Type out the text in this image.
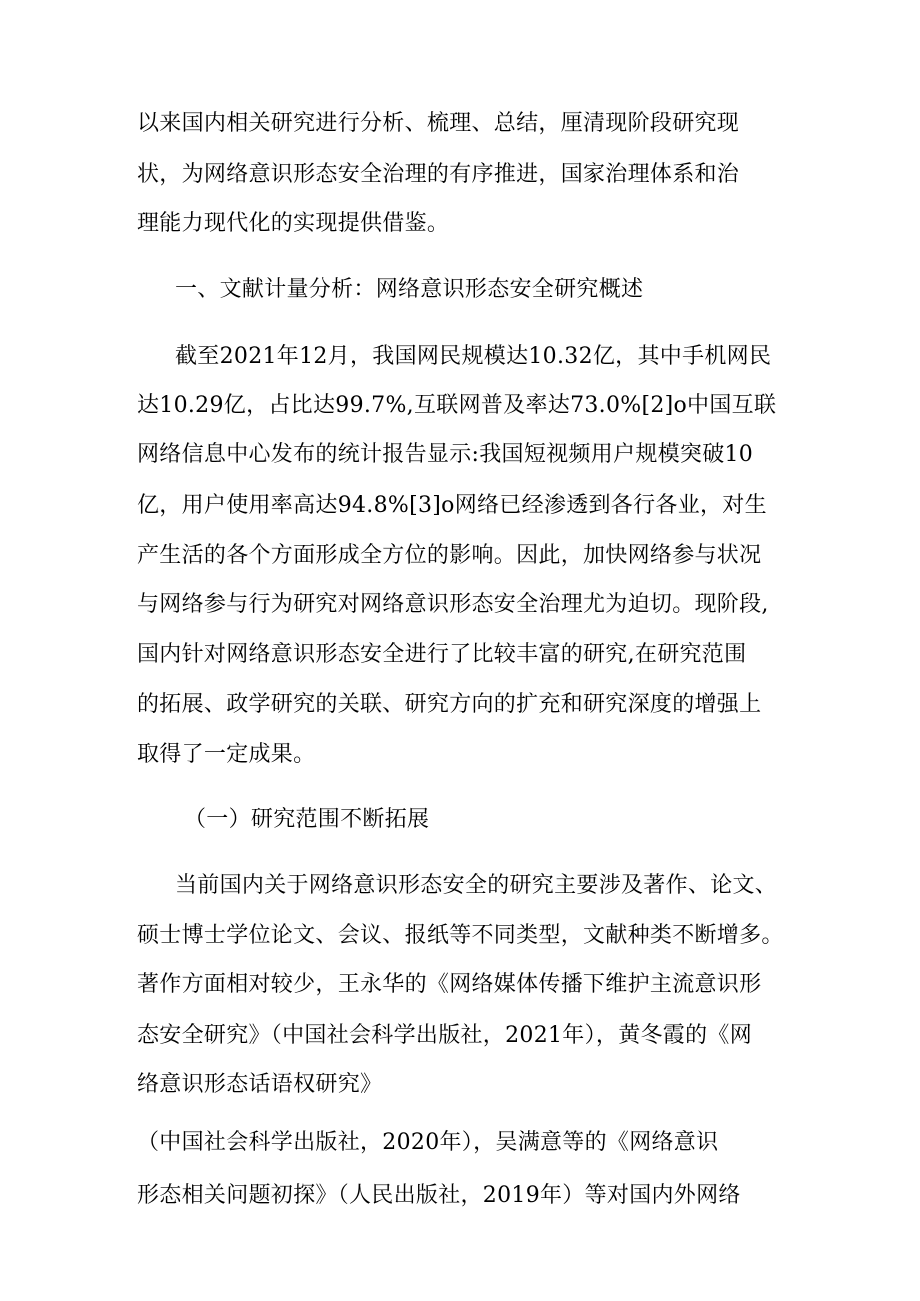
以来国内相关研究进行分析、梳理、总结，厘清现阶段研究现
状，为网络意识形态安全治理的有序推进，国家治理体系和治
理能力现代化的实现提供借鉴。
一、文献计量分析：网络意识形态安全研究概述
截至2021年12月，我国网民规模达10.32亿，其中手机网民
达10.29亿，占比达99.7%,互联网普及率达73.0%[2]o中国互联
网络信息中心发布的统计报告显示:我国短视频用户规模突破10
亿，用户使用率高达94.8%[3]o网络已经渗透到各行各业，对生
产生活的各个方面形成全方位的影响。因此，加快网络参与状况
与网络参与行为研究对网络意识形态安全治理尤为迫切。现阶段,
国内针对网络意识形态安全进行了比较丰富的研究,在研究范围
的拓展、政学研究的关联、研究方向的扩充和研究深度的增强上
取得了一定成果。
（一）研究范围不断拓展
当前国内关于网络意识形态安全的研究主要涉及著作、论文、
硕士博士学位论文、会议、报纸等不同类型，文献种类不断增多。
著作方面相对较少，王永华的《网络媒体传播下维护主流意识形
态安全研究》（中国社会科学出版社，2021年），黄冬霞的《网
络意识形态话语权研究》
（中国社会科学出版社，2020年），吴满意等的《网络意识
形态相关问题初探》（人民出版社，2019年）等对国内外网络
